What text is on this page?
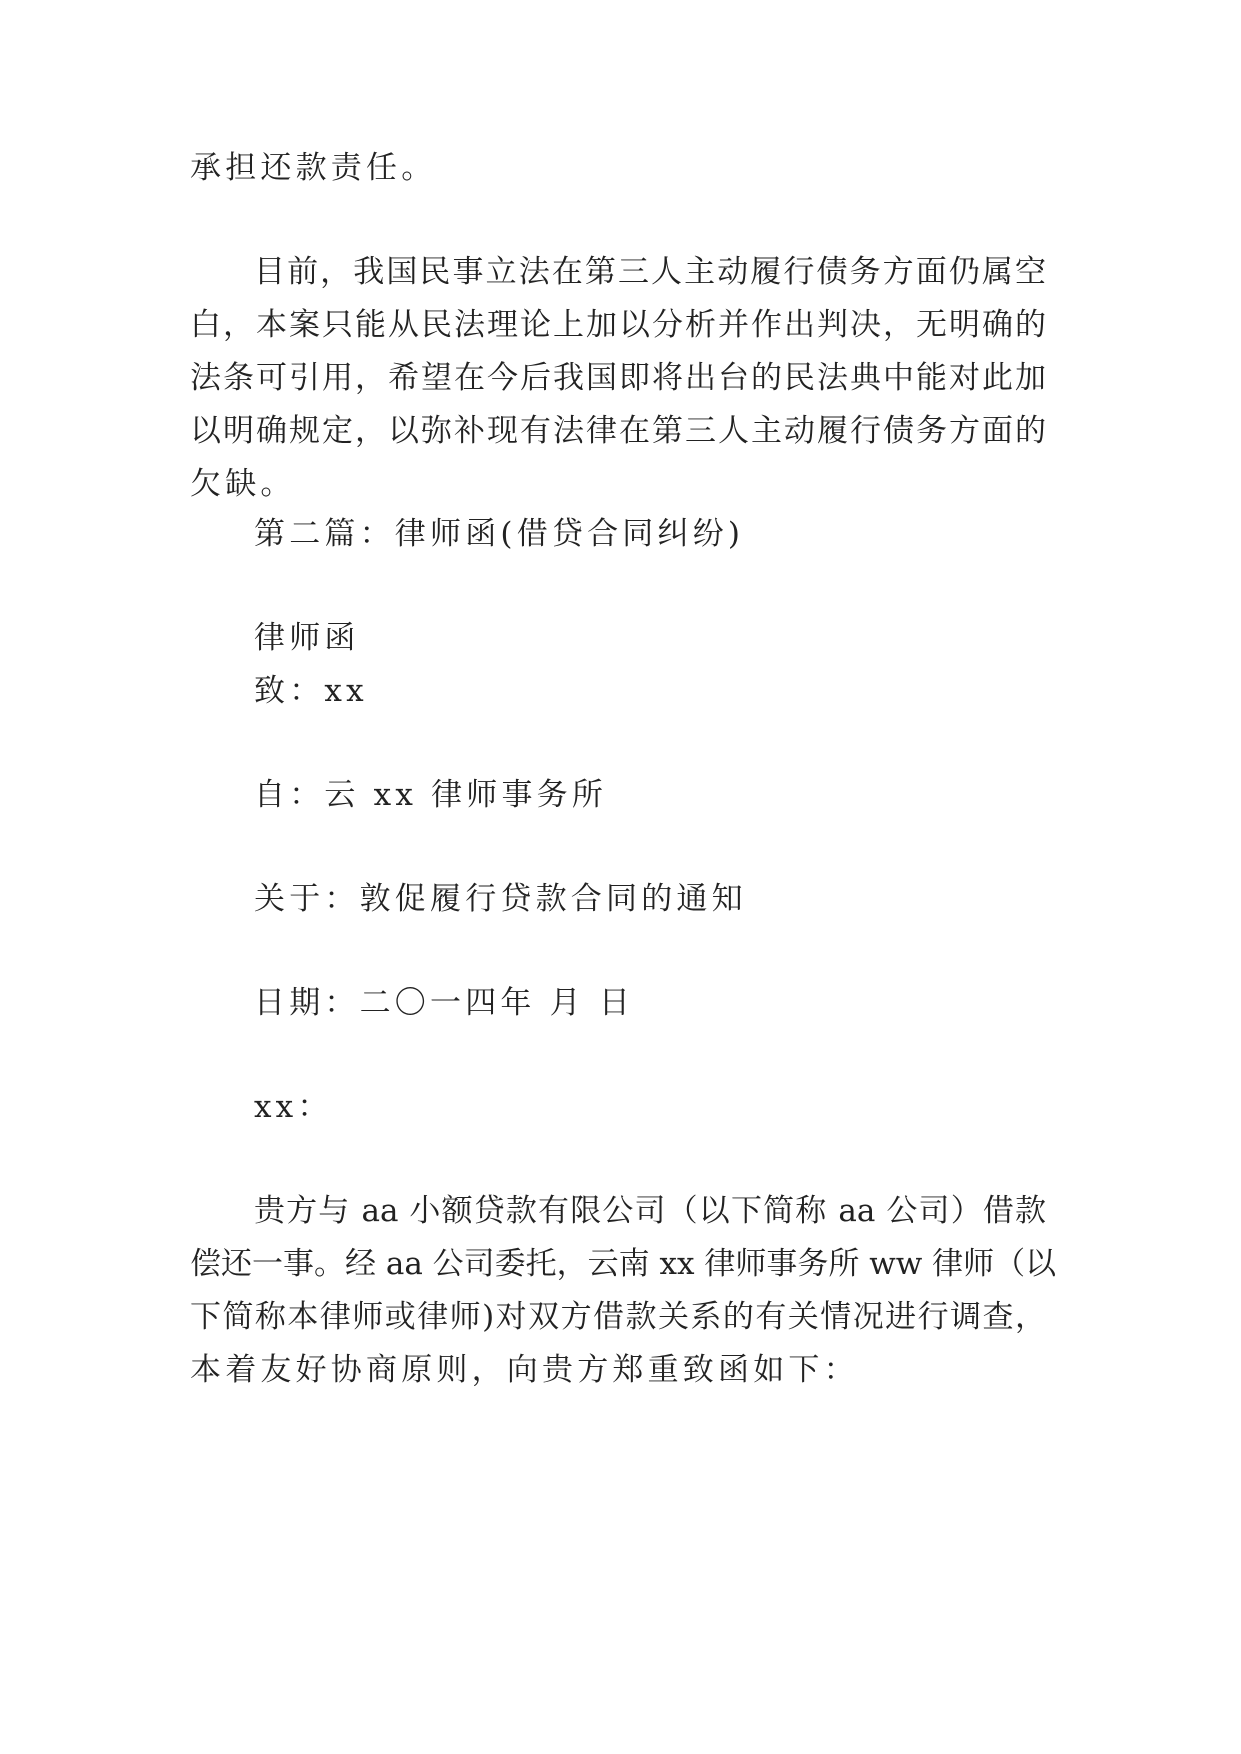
承担还款责任。
目前，我国民事立法在第三人主动履行债务方面仍属空
白，本案只能从民法理论上加以分析并作出判决，无明确的
法条可引用，希望在今后我国即将出台的民法典中能对此加
以明确规定，以弥补现有法律在第三人主动履行债务方面的
欠缺。
第二篇：律师函(借贷合同纠纷)
律师函
致：xx
自：云 xx 律师事务所
关于：敦促履行贷款合同的通知
日期：二〇一四年 月 日
xx：
贵方与 aa 小额贷款有限公司（以下简称 aa 公司）借款
偿还一事。经 aa 公司委托，云南 xx 律师事务所 ww 律师（以
下简称本律师或律师)对双方借款关系的有关情况进行调查，
本着友好协商原则，向贵方郑重致函如下：
